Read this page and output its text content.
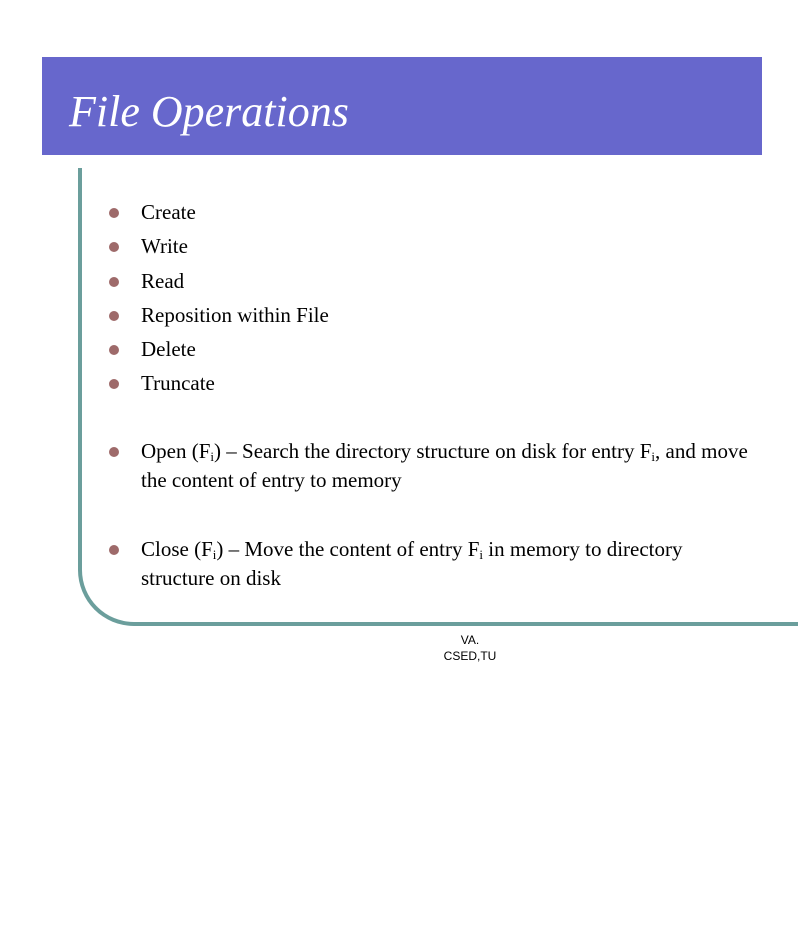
File Operations
Create
Write
Read
Reposition within File
Delete
Truncate
Open $(F_i)$ – Search the directory structure on disk for entry $F_i$, and move
the content of entry to memory
Close $(F_i)$ – Move the content of entry $F_i$ in memory to directory
structure on disk
VA.
CSED,TU
